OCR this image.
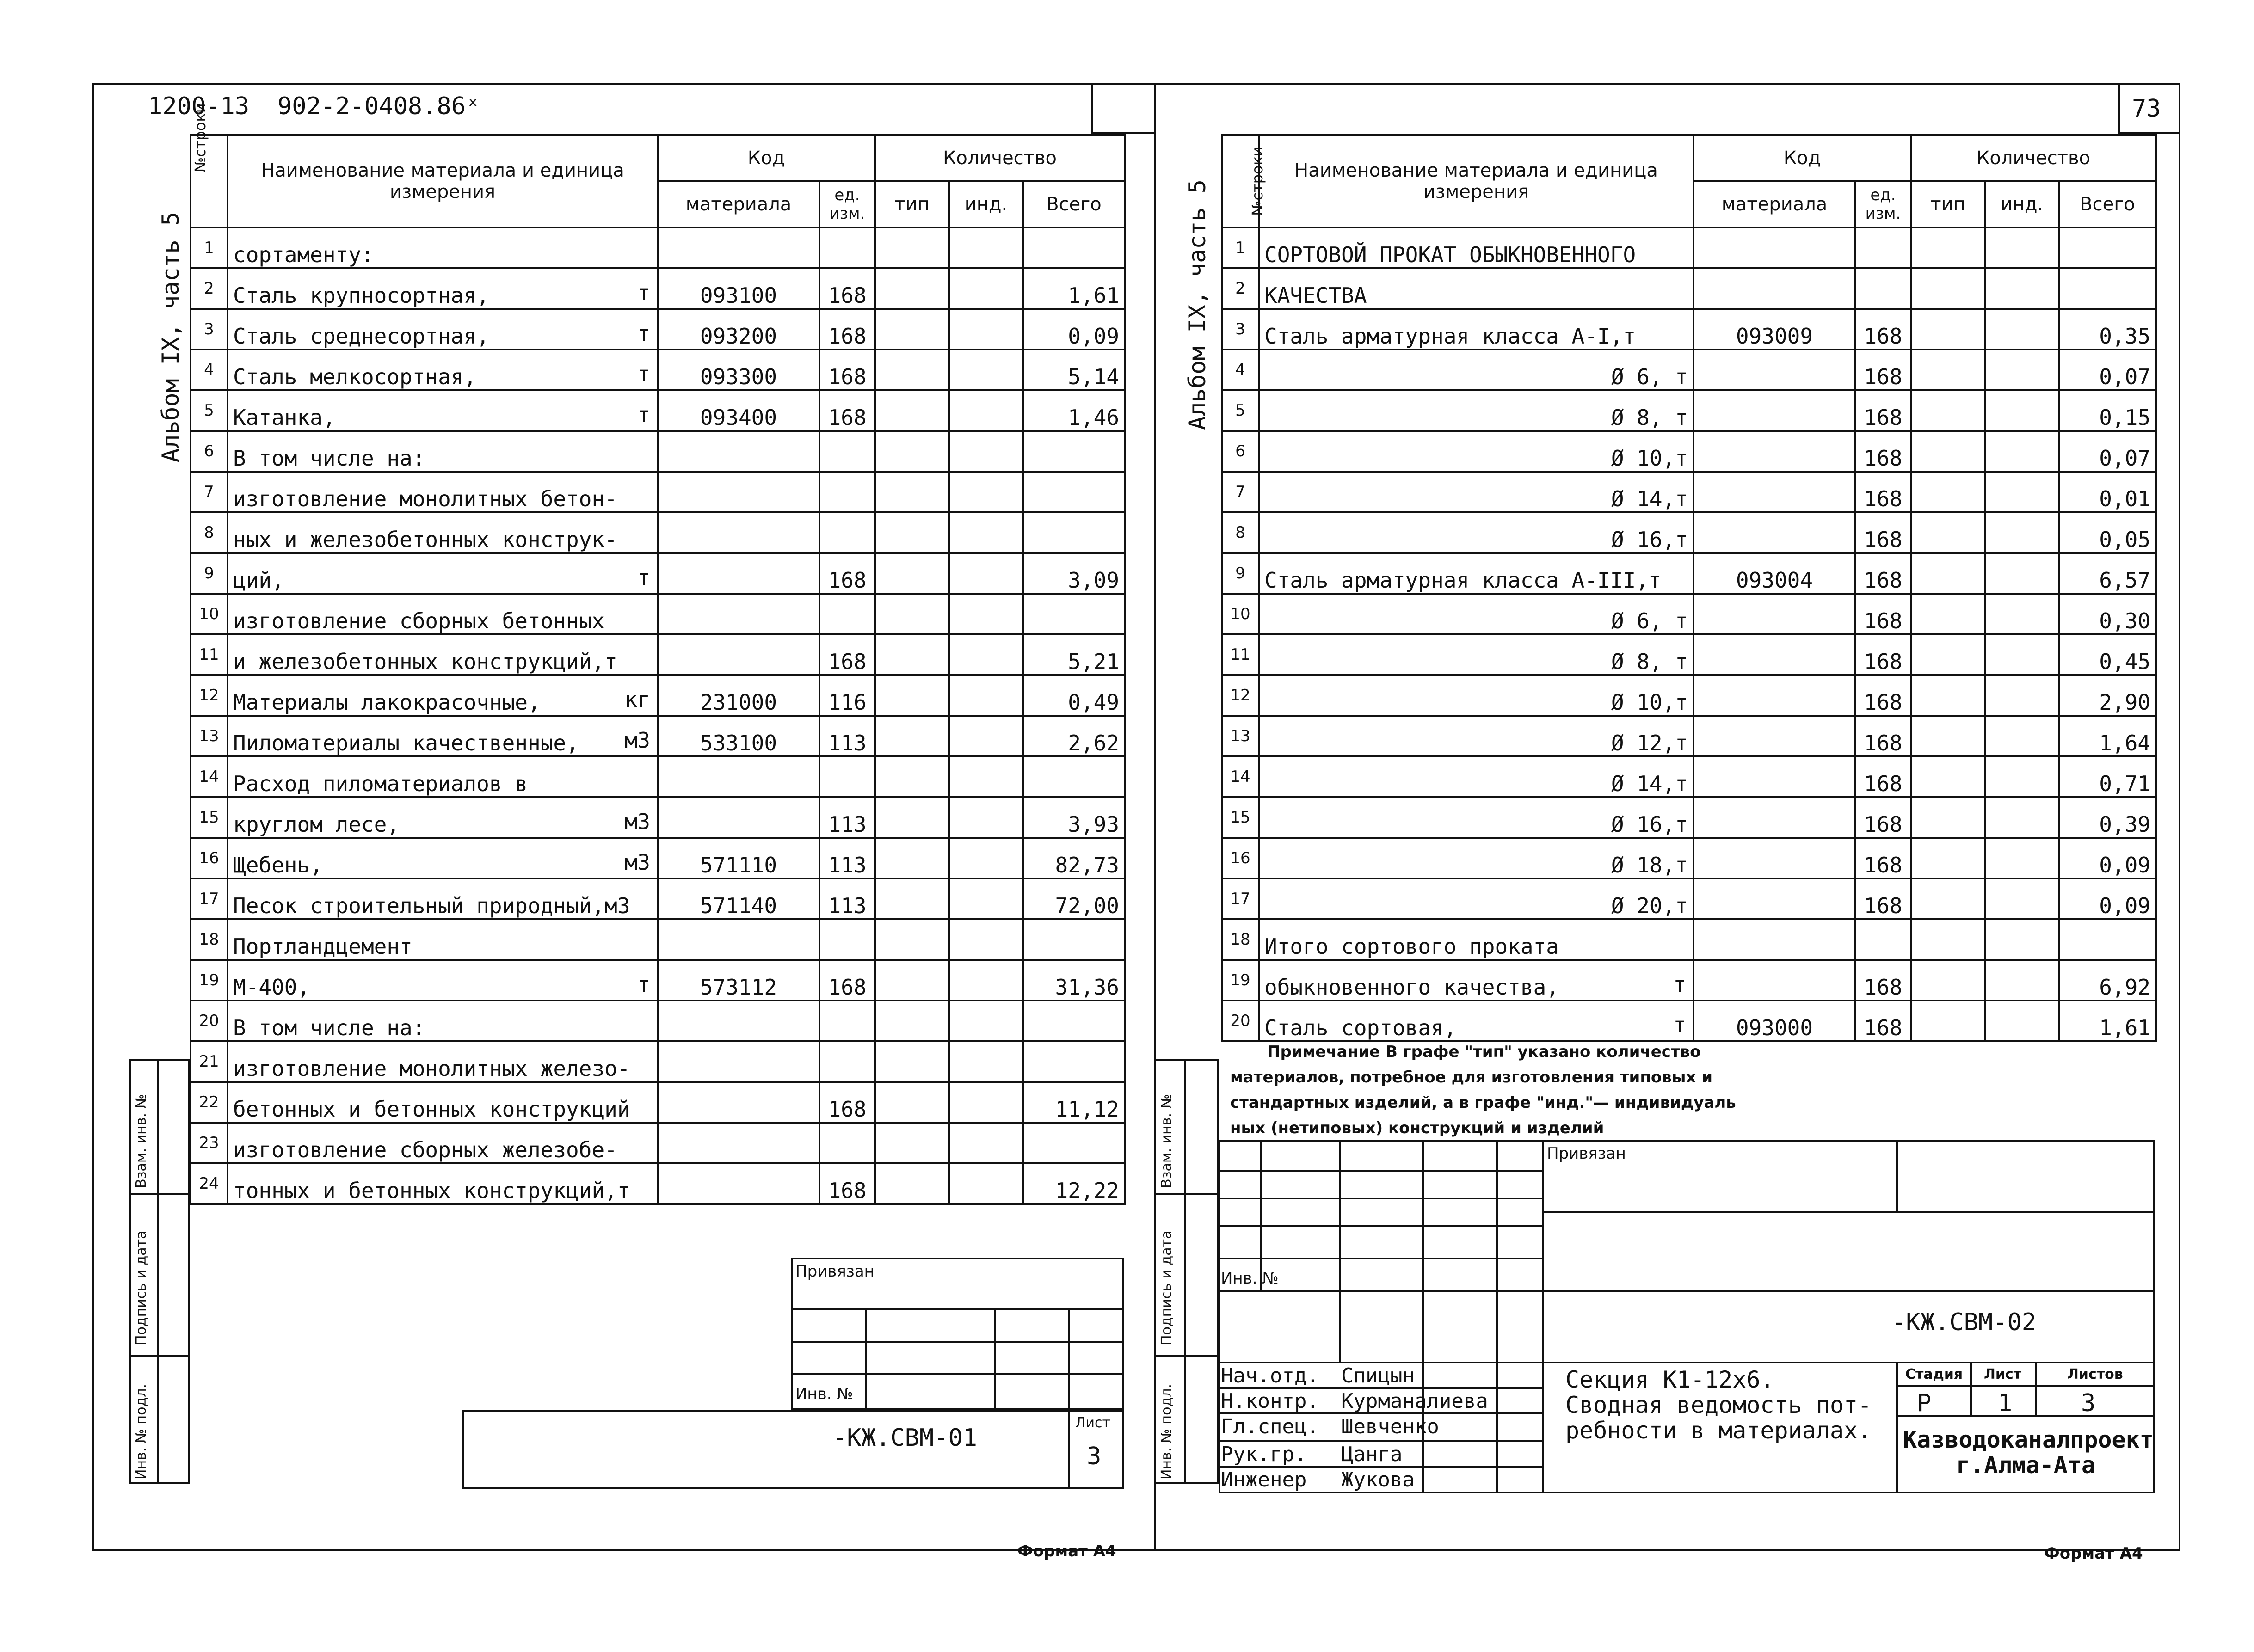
1200-13 902-2-0408.86ˣ
Альбом IX, часть 5
№строки	Наименование материала и единица измерения	Код		Количество		
		материала	ед. изм.	тип	инд.	Всего
1	сортаменту:					
2	Сталь крупносортная, т	093100	168			1,61
3	Сталь среднесортная, т	093200	168			0,09
4	Сталь мелкосортная, т	093300	168			5,14
5	Катанка, т	093400	168			1,46
6	В том числе на:					
7	изготовление монолитных бетон-					
8	ных и железобетонных конструк-					
9	ций, т		168			3,09
10	изготовление сборных бетонных					
11	и железобетонных конструкций,т		168			5,21
12	Материалы лакокрасочные, кг	231000	116			0,49
13	Пиломатериалы качественные, м3	533100	113			2,62
14	Расход пиломатериалов в					
15	круглом лесе, м3		113			3,93
16	Щебень, м3	571110	113			82,73
17	Песок строительный природный,м3	571140	113			72,00
18	Портландцемент					
19	М-400, т	573112	168			31,36
20	В том числе на:					
21	изготовление монолитных железо-					
22	бетонных и бетонных конструкций		168			11,12
23	изготовление сборных железобе-					
24	тонных и бетонных конструкций,т		168			12,22
Взам. инв. №
Подпись и дата
Инв. № подл.
Привязан
Инв. №
-КЖ.СВМ-01
Лист
3
Формат А4
73
Альбом IX, часть 5	№строки	Наименование материала и единица измерения	Код		Количество		
		материала	ед. изм.	тип	инд.	Всего
1	СОРТОВОЙ ПРОКАТ ОБЫКНОВЕННОГО					
2	КАЧЕСТВА					
3	Сталь арматурная класса А-I,т	093009	168			0,35
4	Ø 6, т		168			0,07
5	Ø 8, т		168			0,15
6	Ø 10,т		168			0,07
7	Ø 14,т		168			0,01
8	Ø 16,т		168			0,05
9	Сталь арматурная класса А-III,т	093004	168			6,57
10	Ø 6, т		168			0,30
11	Ø 8, т		168			0,45
12	Ø 10,т		168			2,90
13	Ø 12,т		168			1,64
14	Ø 14,т		168			0,71
15	Ø 16,т		168			0,39
16	Ø 18,т		168			0,09
17	Ø 20,т		168			0,09
18	Итого сортового проката					
19	обыкновенного качества, т		168			6,92
20	Сталь сортовая, т	093000	168			1,61
Примечание В графе "тип" указано количество
материалов, потребное для изготовления типовых и
стандартных изделий, а в графе "инд."— индивидуаль
ных (нетиповых) конструкций и изделий
Взам. инв. №
Подпись и дата
Инв. № подл.
Привязан
Инв. №
-КЖ.СВМ-02
Нач.отд. Спицын
Н.контр. Курманалиева
Гл.спец. Шевченко
Рук.гр. Цанга
Инженер Жукова
Секция К1-12х6.
Сводная ведомость пот-
ребности в материалах.
Стадия Лист	Листов
Р	1	3
Казводоканалпроект
г.Алма-Ата
Формат А4
